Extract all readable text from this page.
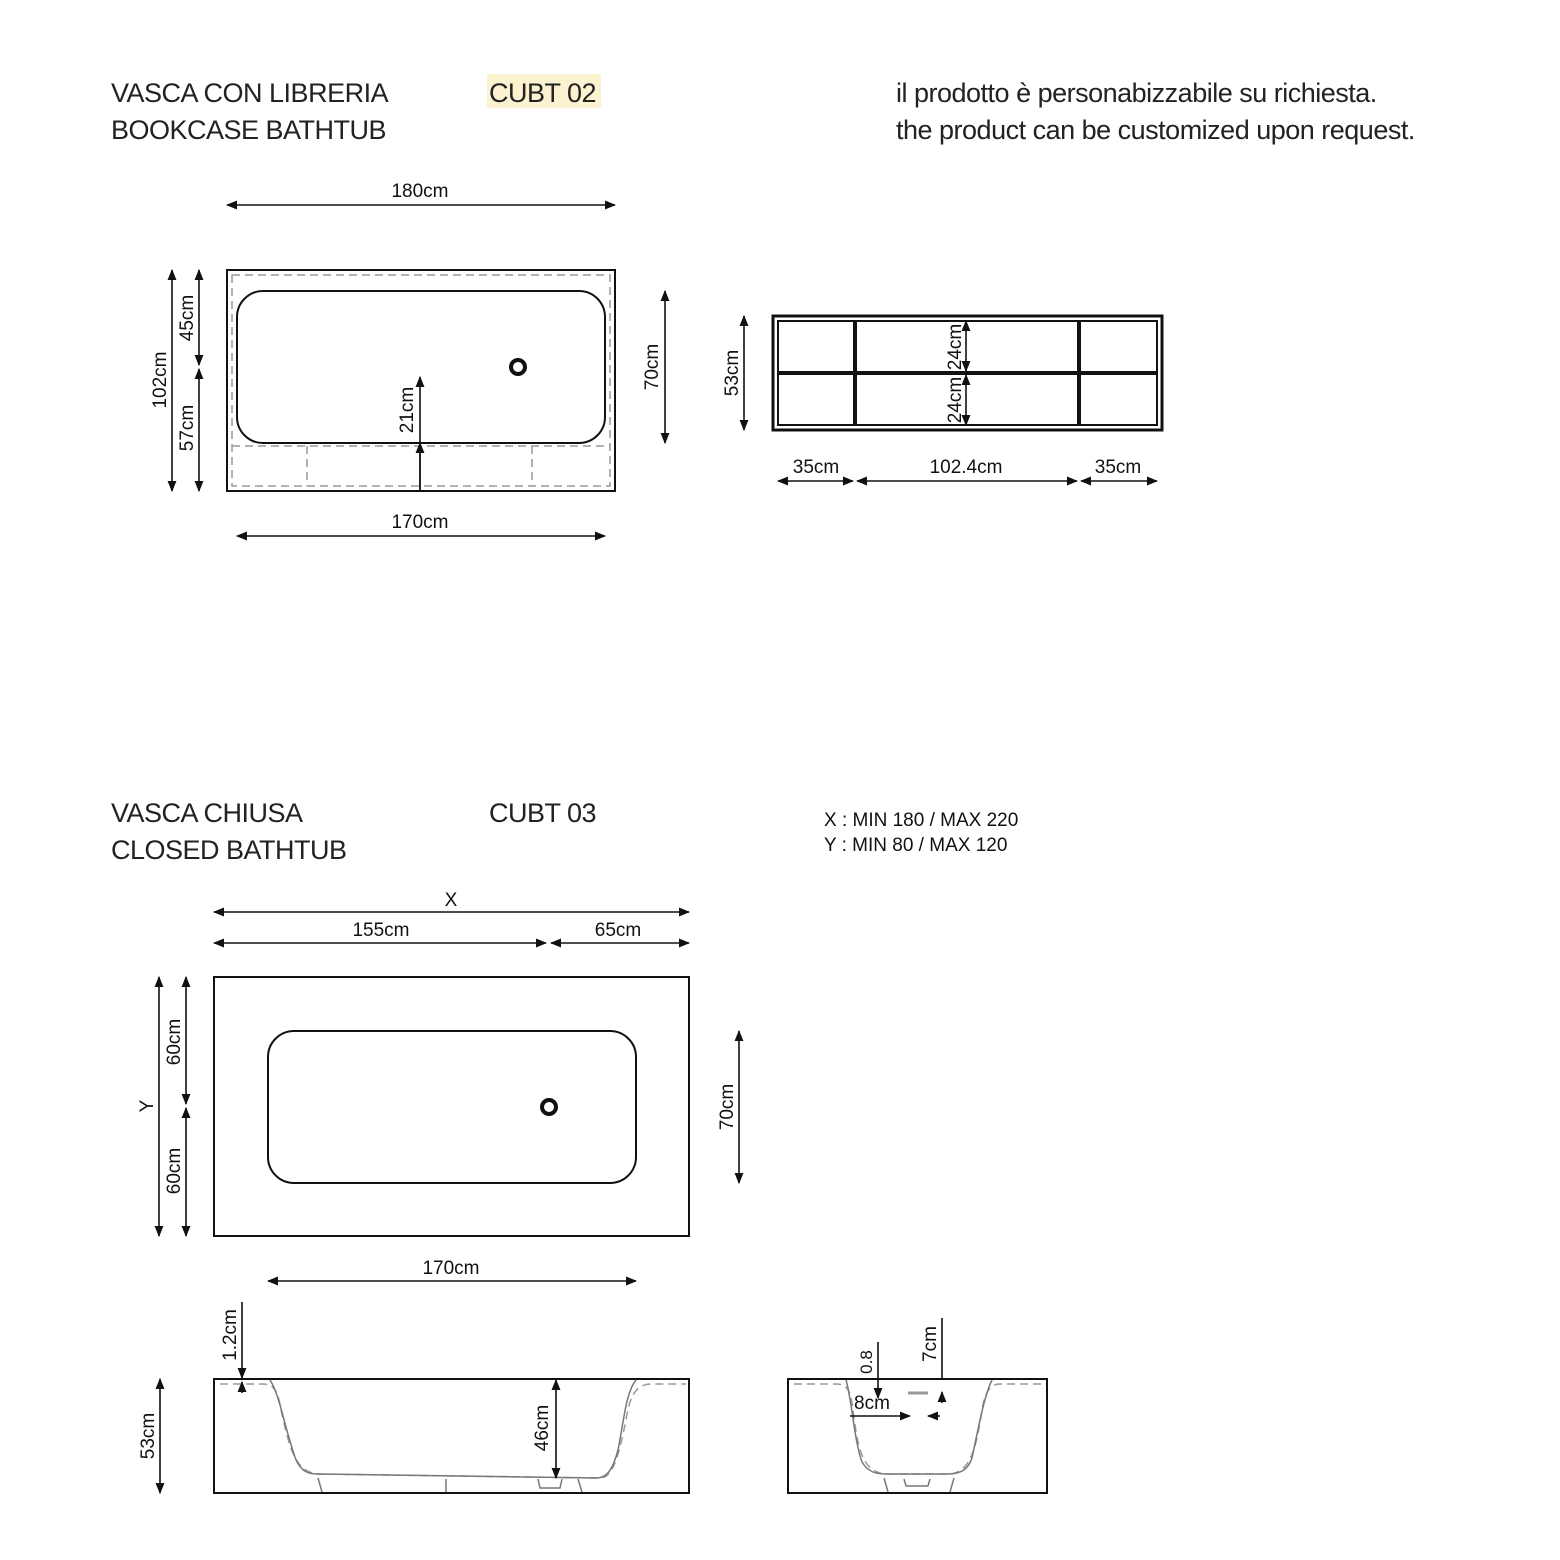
VASCA CON LIBRERIA
BOOKCASE BATHTUB
CUBT 02	il prodotto è personabizzabile su richiesta.
the product can be customized upon request.
180cm
170cm
102cm
45cm
57cm
70cm
21cm
53cm
24cm
24cm
35cm	102.4cm	35cm
VASCA CHIUSA
CLOSED BATHTUB
CUBT 03	X : MIN 180 / MAX 220
Y : MIN 80 / MAX 120
X
155cm	65cm
Y
60cm
60cm
70cm
170cm
53cm
1.2cm
46cm
0.8
7cm
8cm
